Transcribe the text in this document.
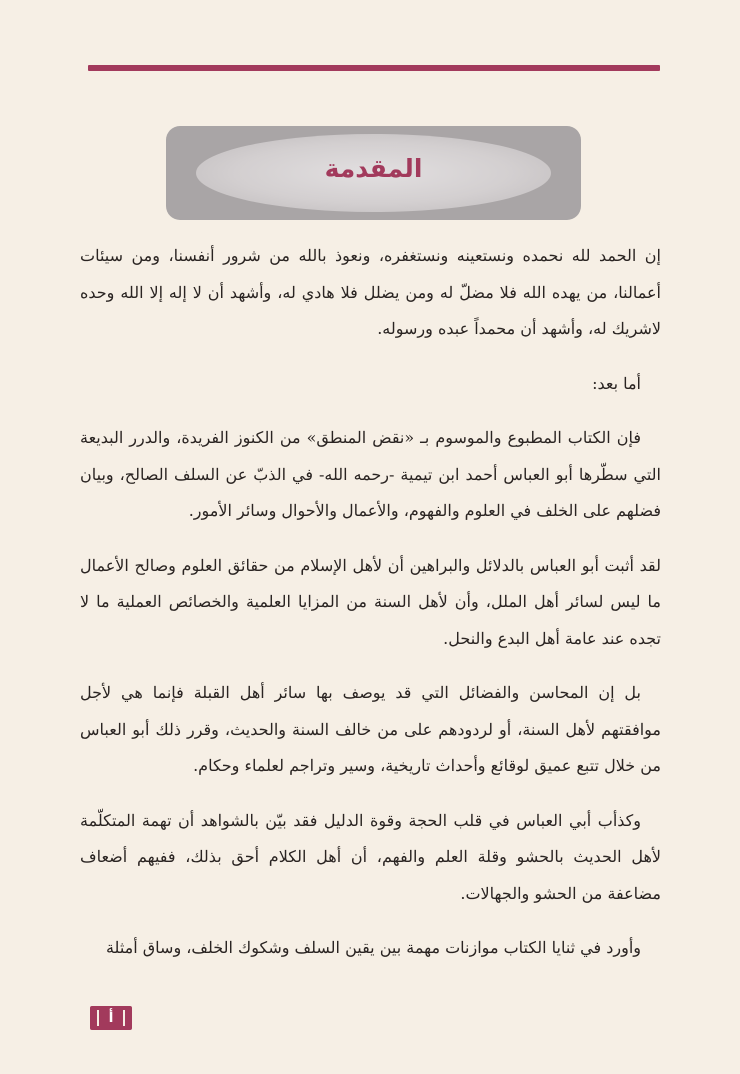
المقدمة

إن الحمد لله نحمده ونستعينه ونستغفره، ونعوذ بالله من شرور أنفسنا، ومن سيئات أعمالنا، من يهده الله فلا مضلّ له ومن يضلل فلا هادي له، وأشهد أن لا إله إلا الله وحده لاشريك له، وأشهد أن محمداً عبده ورسوله.

أما بعد:

فإن الكتاب المطبوع والموسوم بـ «نقض المنطق» من الكنوز الفريدة، والدرر البديعة التي سطّرها أبو العباس أحمد ابن تيمية -رحمه الله- في الذبّ عن السلف الصالح، وبيان فضلهم على الخلف في العلوم والفهوم، والأعمال والأحوال وسائر الأمور.

لقد أثبت أبو العباس بالدلائل والبراهين أن لأهل الإسلام من حقائق العلوم وصالح الأعمال ما ليس لسائر أهل الملل، وأن لأهل السنة من المزايا العلمية والخصائص العملية ما لا تجده عند عامة أهل البدع والنحل.

بل إن المحاسن والفضائل التي قد يوصف بها سائر أهل القبلة فإنما هي لأجل موافقتهم لأهل السنة، أو لردودهم على من خالف السنة والحديث، وقرر ذلك أبو العباس من خلال تتبع عميق لوقائع وأحداث تاريخية، وسير وتراجم لعلماء وحكام.

وكذأب أبي العباس في قلب الحجة وقوة الدليل فقد بيّن بالشواهد أن تهمة المتكلّمة لأهل الحديث بالحشو وقلة العلم والفهم، أن أهل الكلام أحق بذلك، ففيهم أضعاف مضاعفة من الحشو والجهالات.

وأورد في ثنايا الكتاب موازنات مهمة بين يقين السلف وشكوك الخلف، وساق أمثلة

أ
